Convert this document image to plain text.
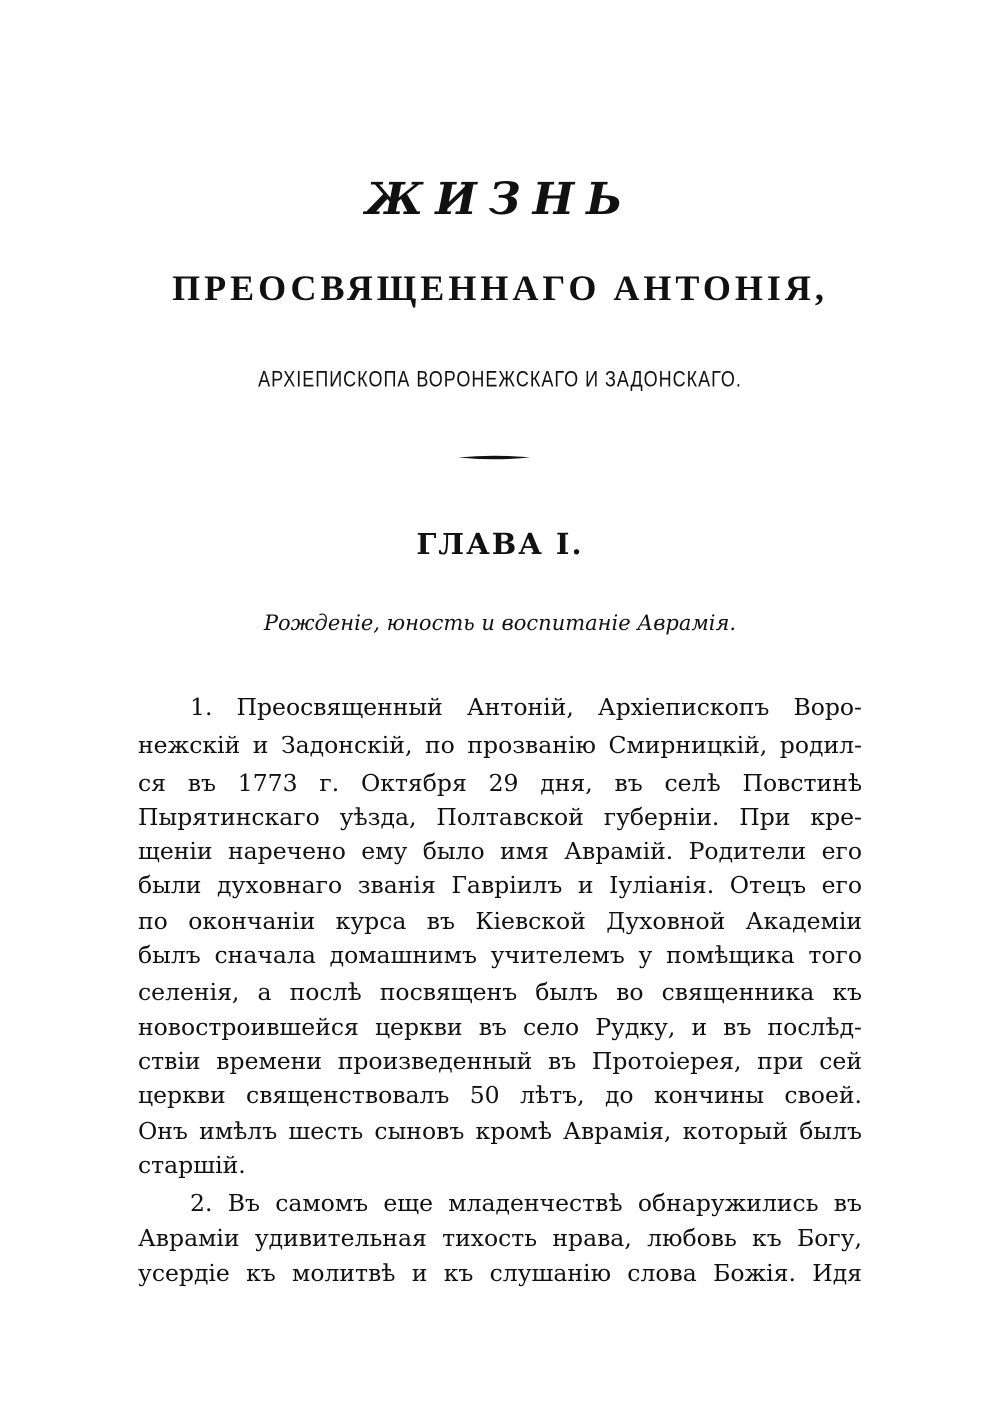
ЖИЗНЬ
ПРЕОСВЯЩЕННАГО АНТОНІЯ,
АРХІЕПИСКОПА ВОРОНЕЖСКАГО И ЗАДОНСКАГО.
ГЛАВА I.
Рожденіе, юность и воспитаніе Аврамія.
1. Преосвященный Антоній, Архіепископъ Воро-
нежскій и Задонскій, по прозванію Смирницкій, родил-
ся въ 1773 г. Октября 29 дня, въ селѣ Повстинѣ
Пырятинскаго уѣзда, Полтавской губерніи. При кре-
щеніи наречено ему было имя Аврамій. Родители его
были духовнаго званія Гавріилъ и Іуліанія. Отецъ его
по окончаніи курса въ Кіевской Духовной Академіи
былъ сначала домашнимъ учителемъ у помѣщика того
селенія, а послѣ посвященъ былъ во священника къ
новостроившейся церкви въ село Рудку, и въ послѣд-
ствіи времени произведенный въ Протоіерея, при сей
церкви священствовалъ 50 лѣтъ, до кончины своей.
Онъ имѣлъ шесть сыновъ кромѣ Аврамія, который былъ
старшій.
2. Въ самомъ еще младенчествѣ обнаружились въ
Авраміи удивительная тихость нрава, любовь къ Богу,
усердіе къ молитвѣ и къ слушанію слова Божія. Идя
